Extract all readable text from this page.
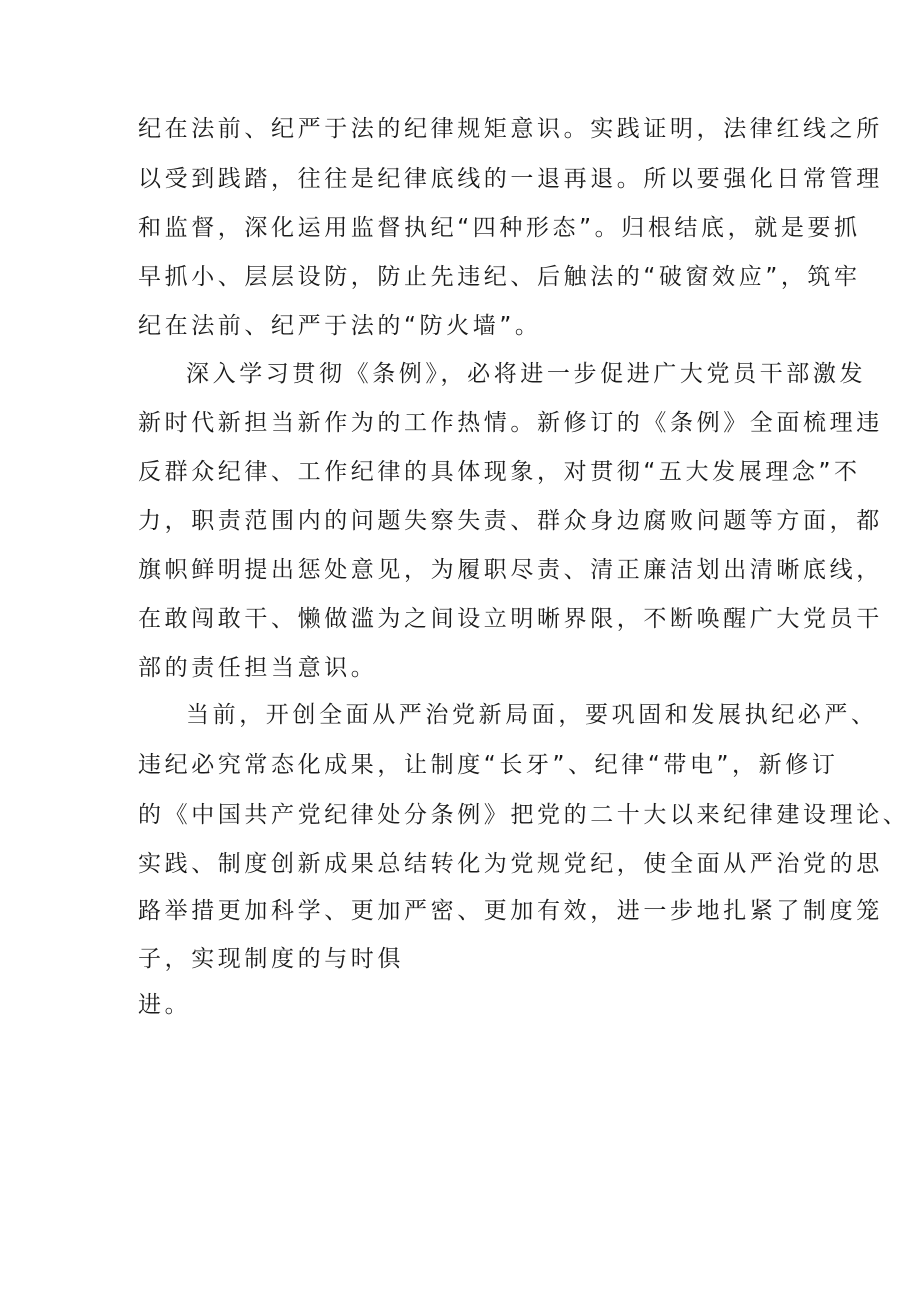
纪在法前、纪严于法的纪律规矩意识。实践证明，法律红线之所
以受到践踏，往往是纪律底线的一退再退。所以要强化日常管理
和监督，深化运用监督执纪“四种形态”。归根结底，就是要抓
早抓小、层层设防，防止先违纪、后触法的“破窗效应”，筑牢
纪在法前、纪严于法的“防火墙”。
深入学习贯彻《条例》，必将进一步促进广大党员干部激发
新时代新担当新作为的工作热情。新修订的《条例》全面梳理违
反群众纪律、工作纪律的具体现象，对贯彻“五大发展理念”不
力，职责范围内的问题失察失责、群众身边腐败问题等方面，都
旗帜鲜明提出惩处意见，为履职尽责、清正廉洁划出清晰底线，
在敢闯敢干、懒做滥为之间设立明晰界限，不断唤醒广大党员干
部的责任担当意识。
当前，开创全面从严治党新局面，要巩固和发展执纪必严、
违纪必究常态化成果，让制度“长牙”、纪律“带电”，新修订
的《中国共产党纪律处分条例》把党的二十大以来纪律建设理论、
实践、制度创新成果总结转化为党规党纪，使全面从严治党的思
路举措更加科学、更加严密、更加有效，进一步地扎紧了制度笼
子，实现制度的与时俱
进。
